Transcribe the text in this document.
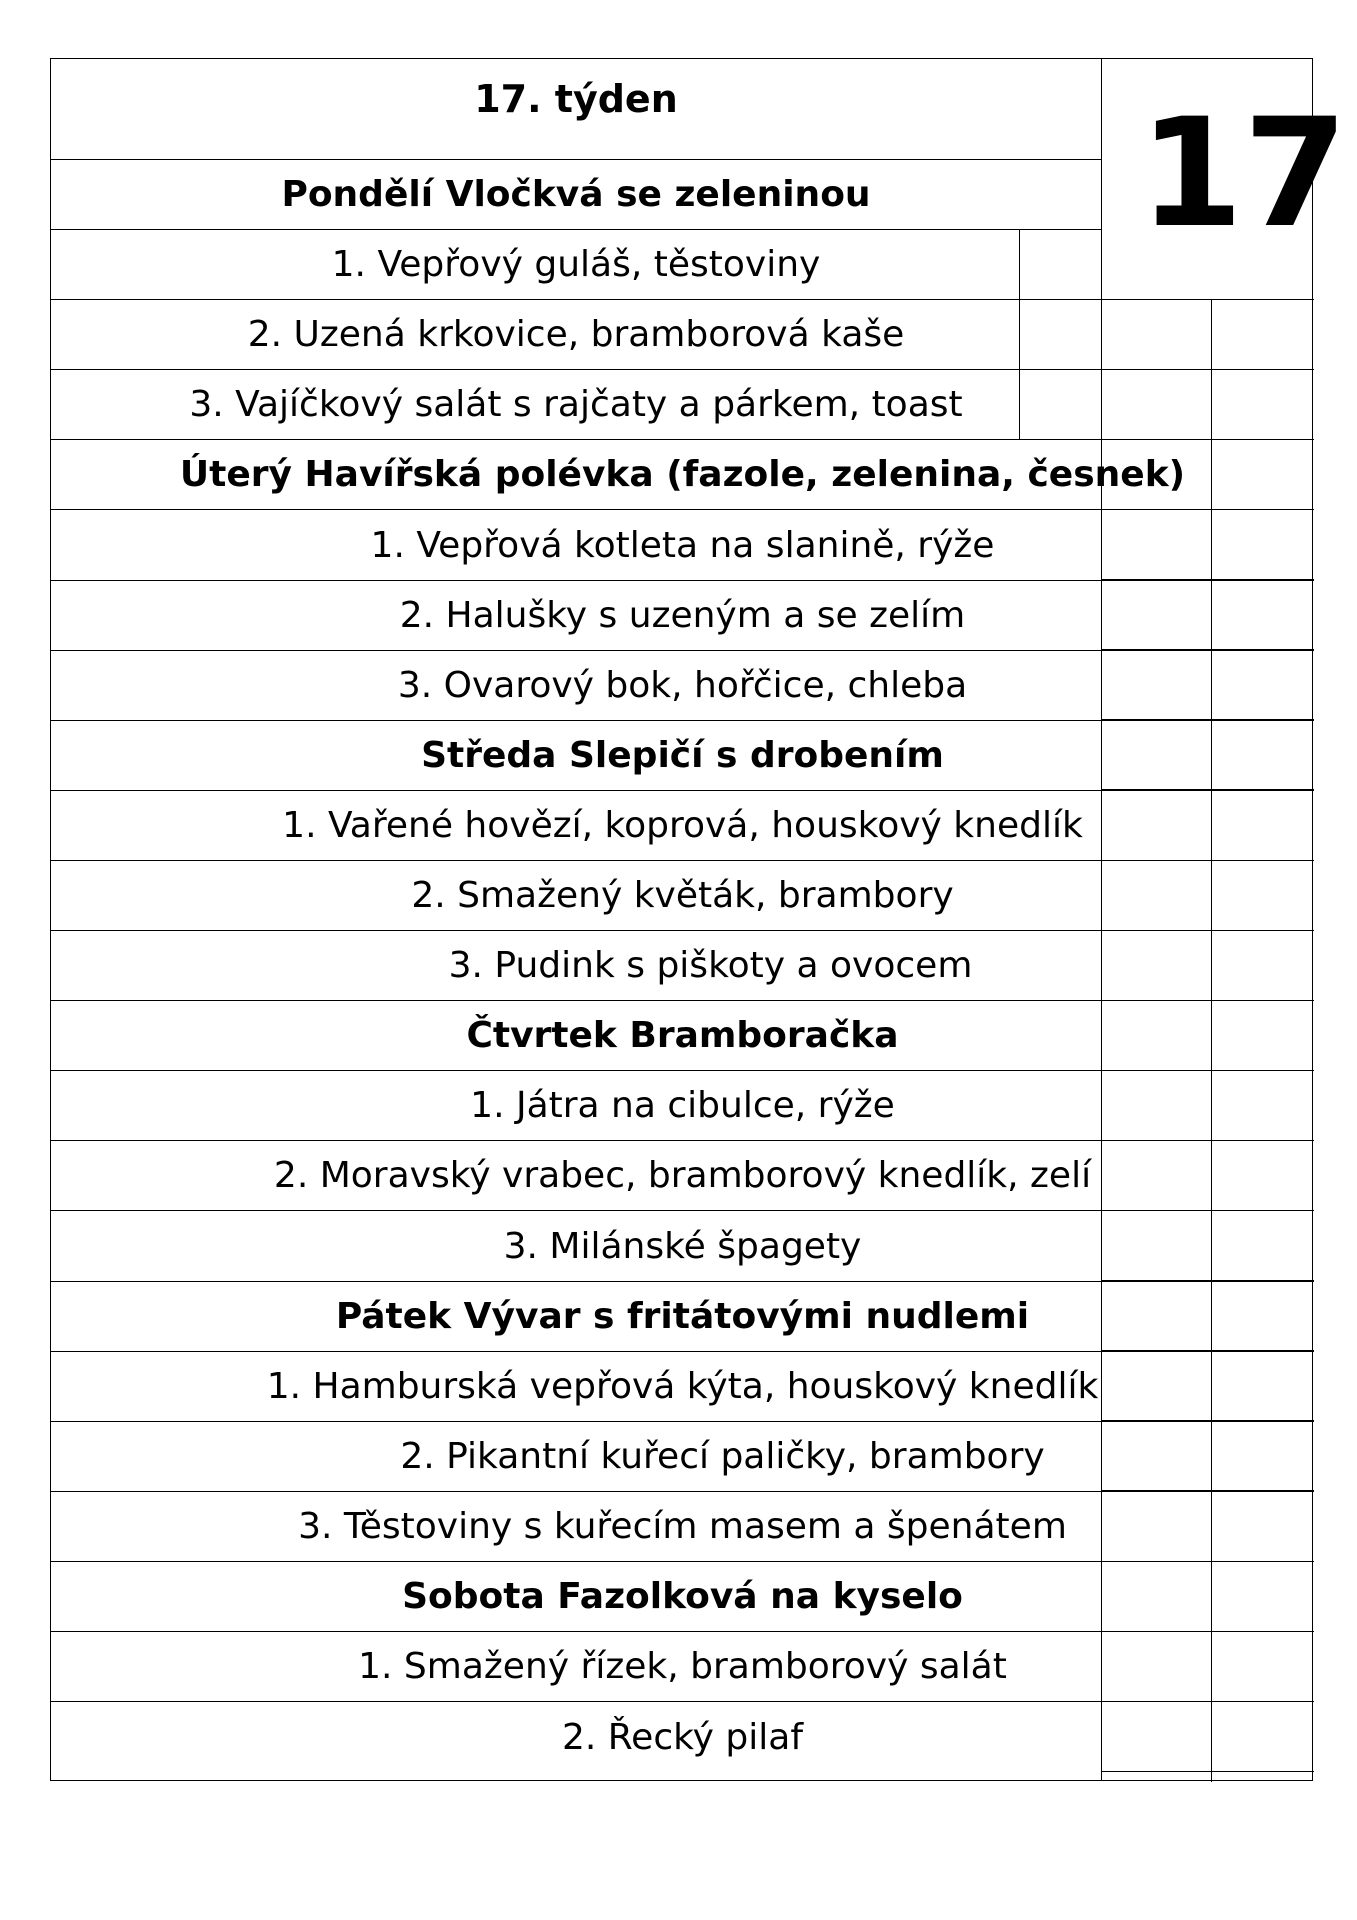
17
17. týden
Pondělí Vločkvá se zeleninou
1. Vepřový guláš, těstoviny
2. Uzená krkovice, bramborová kaše
3. Vajíčkový salát s rajčaty a párkem, toast
Úterý Havířská polévka (fazole, zelenina, česnek)
1. Vepřová kotleta na slanině, rýže
2. Halušky s uzeným a se zelím
3. Ovarový bok, hořčice, chleba
Středa Slepičí s drobením
1. Vařené hovězí, koprová, houskový knedlík
2. Smažený květák, brambory
3. Pudink s piškoty a ovocem
Čtvrtek Bramboračka
1. Játra na cibulce, rýže
2. Moravský vrabec, bramborový knedlík, zelí
3. Milánské špagety
Pátek Vývar s fritátovými nudlemi
1. Hamburská vepřová kýta, houskový knedlík
2. Pikantní kuřecí paličky, brambory
3. Těstoviny s kuřecím masem a špenátem
Sobota Fazolková na kyselo
1. Smažený řízek, bramborový salát
2. Řecký pilaf
